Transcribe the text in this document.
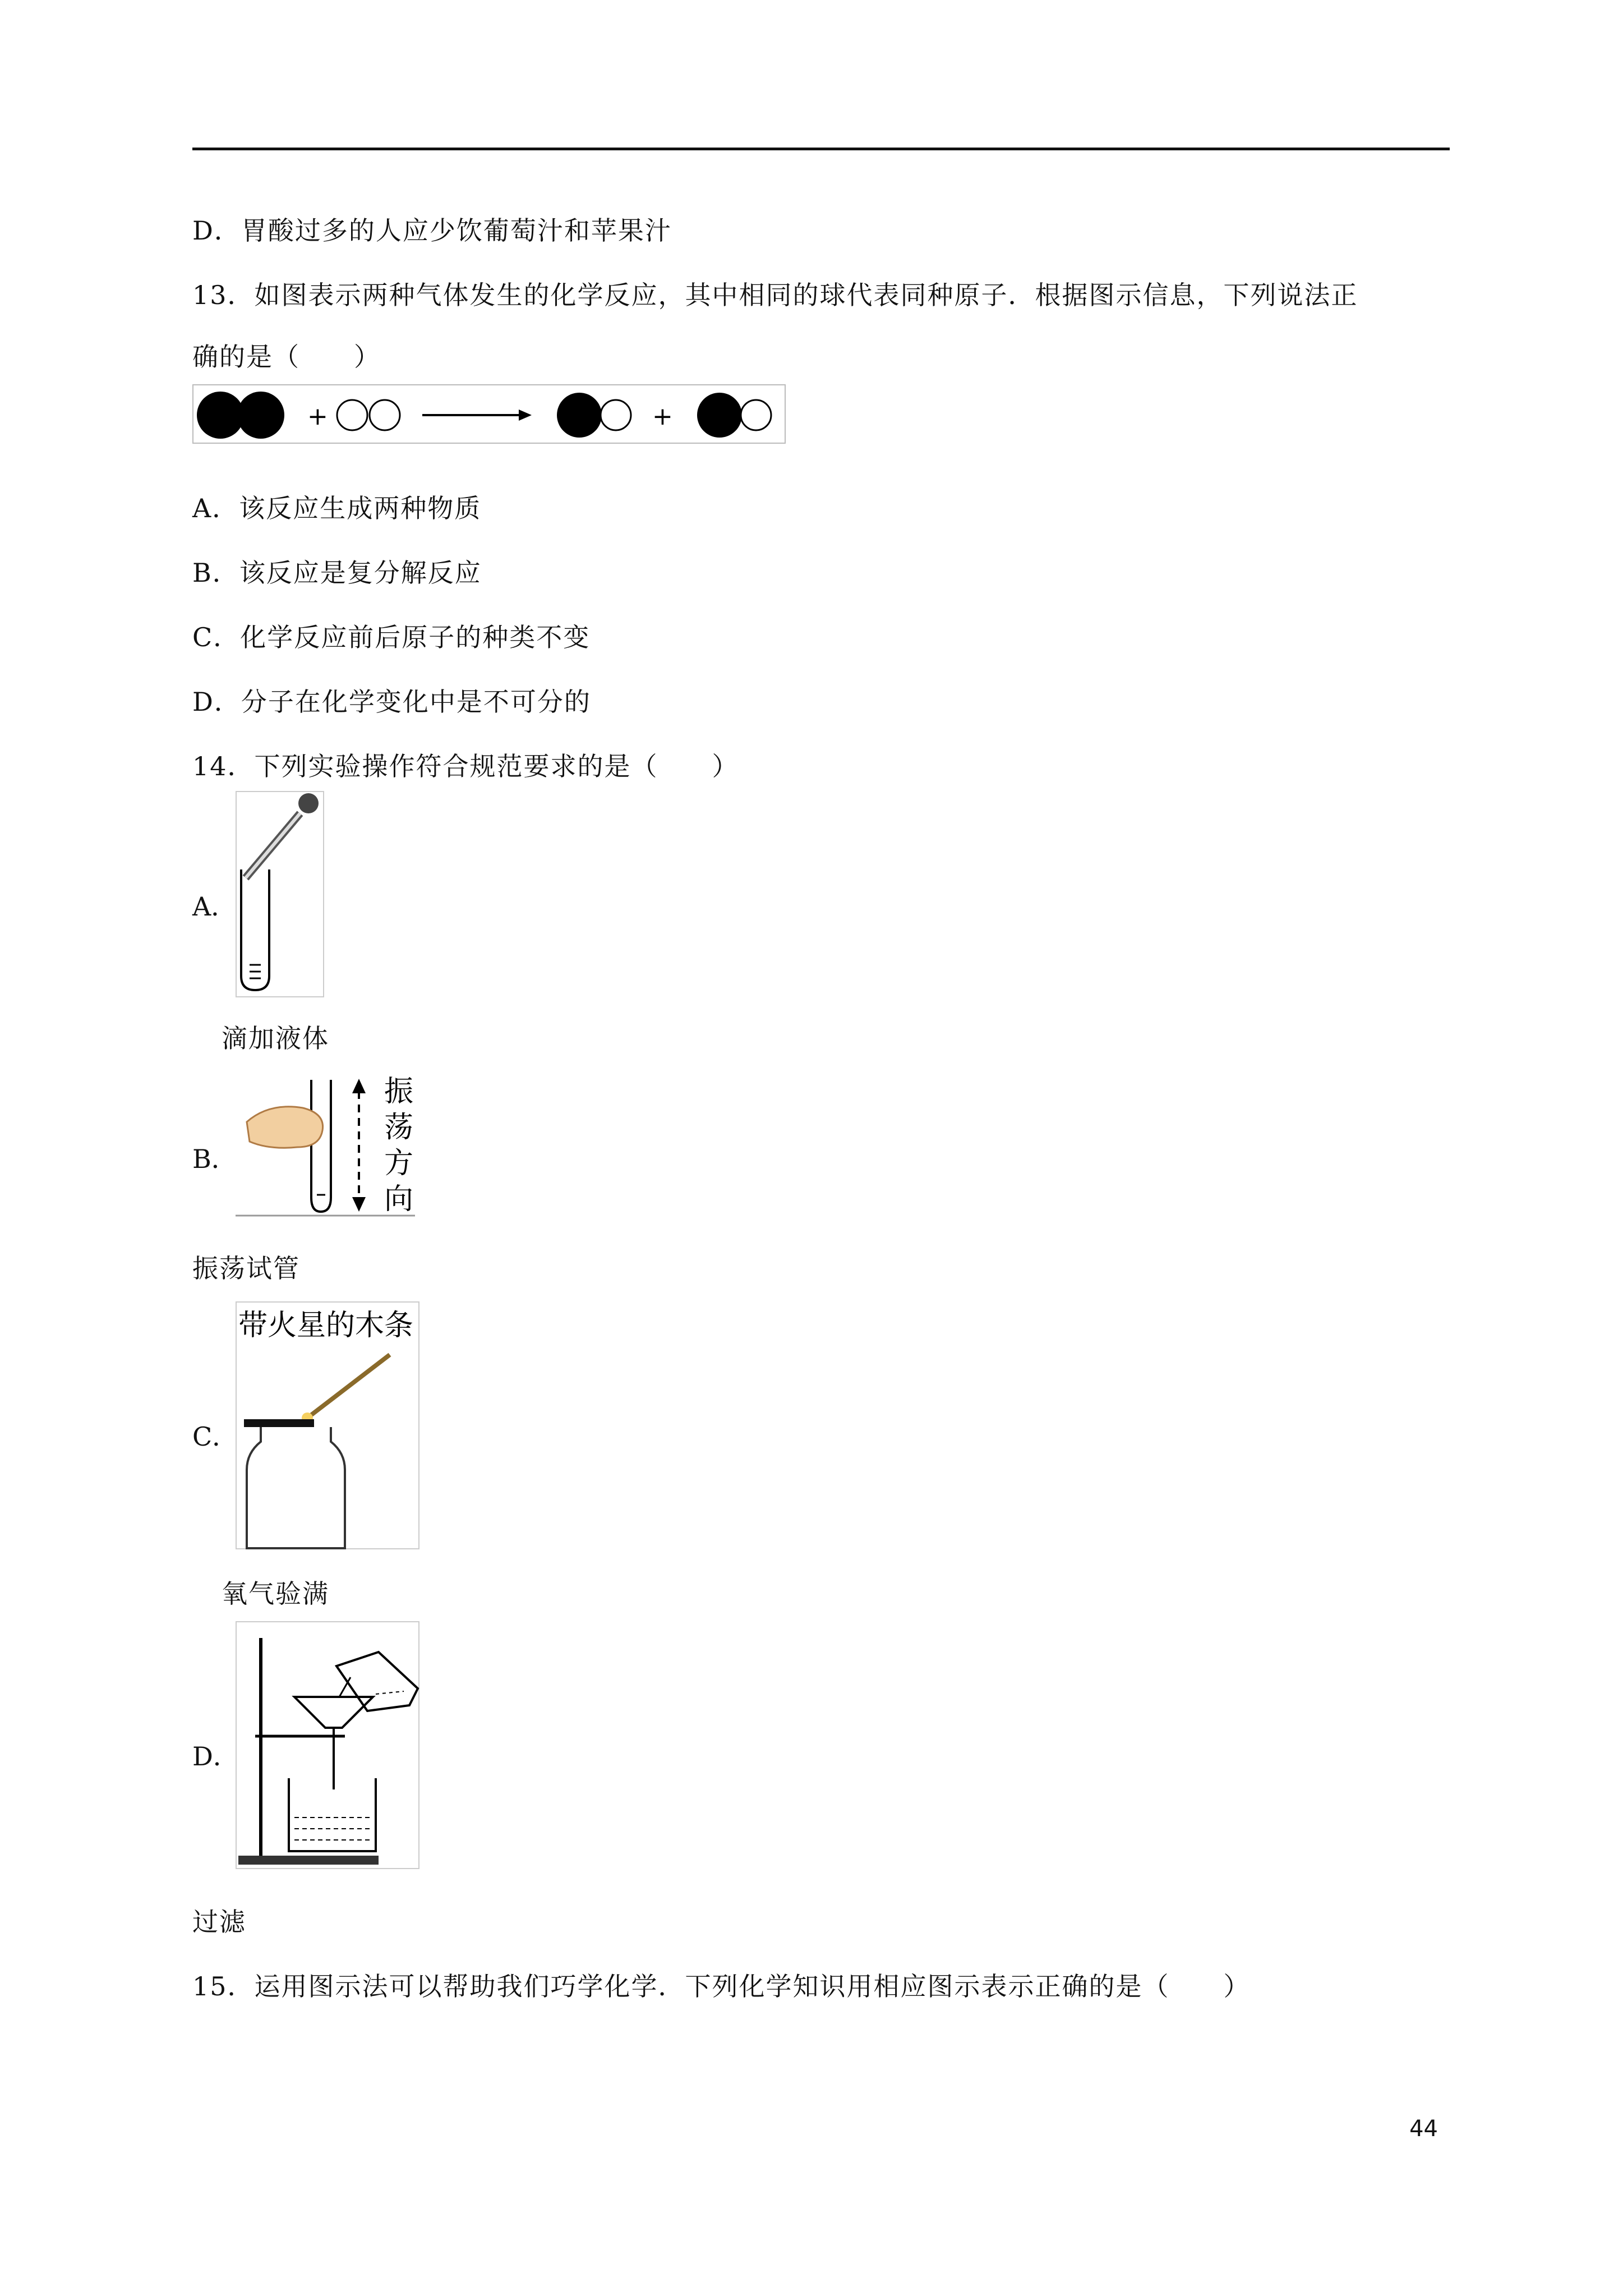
D．胃酸过多的人应少饮葡萄汁和苹果汁
13．如图表示两种气体发生的化学反应，其中相同的球代表同种原子．根据图示信息，下列说法正
确的是（　　）
+	+
A．该反应生成两种物质
B．该反应是复分解反应
C．化学反应前后原子的种类不变
D．分子在化学变化中是不可分的
14．下列实验操作符合规范要求的是（　　）
A．
滴加液体
B．
振
荡
方
向
振荡试管
C．
带火星的木条
氧气验满
D．
过滤
15．运用图示法可以帮助我们巧学化学．下列化学知识用相应图示表示正确的是（　　）
44
